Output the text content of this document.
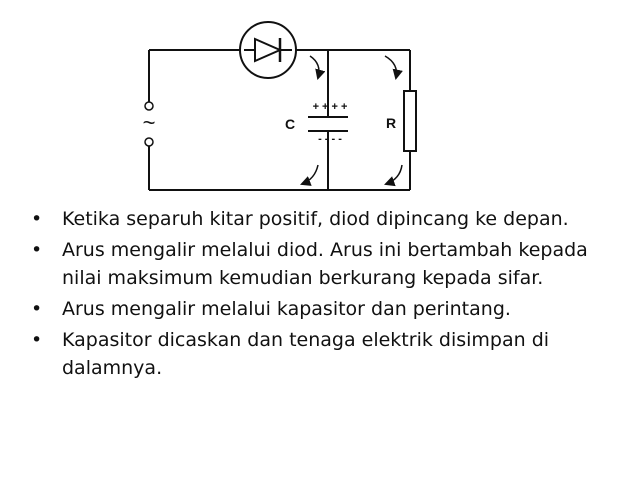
~
+ + + +
- - - -
C	R
• Ketika separuh kitar positif, diod dipincang ke depan.
• Arus mengalir melalui diod. Arus ini bertambah kepada nilai maksimum kemudian berkurang kepada sifar.
• Arus mengalir melalui kapasitor dan perintang.
• Kapasitor dicaskan dan tenaga elektrik disimpan di dalamnya.
